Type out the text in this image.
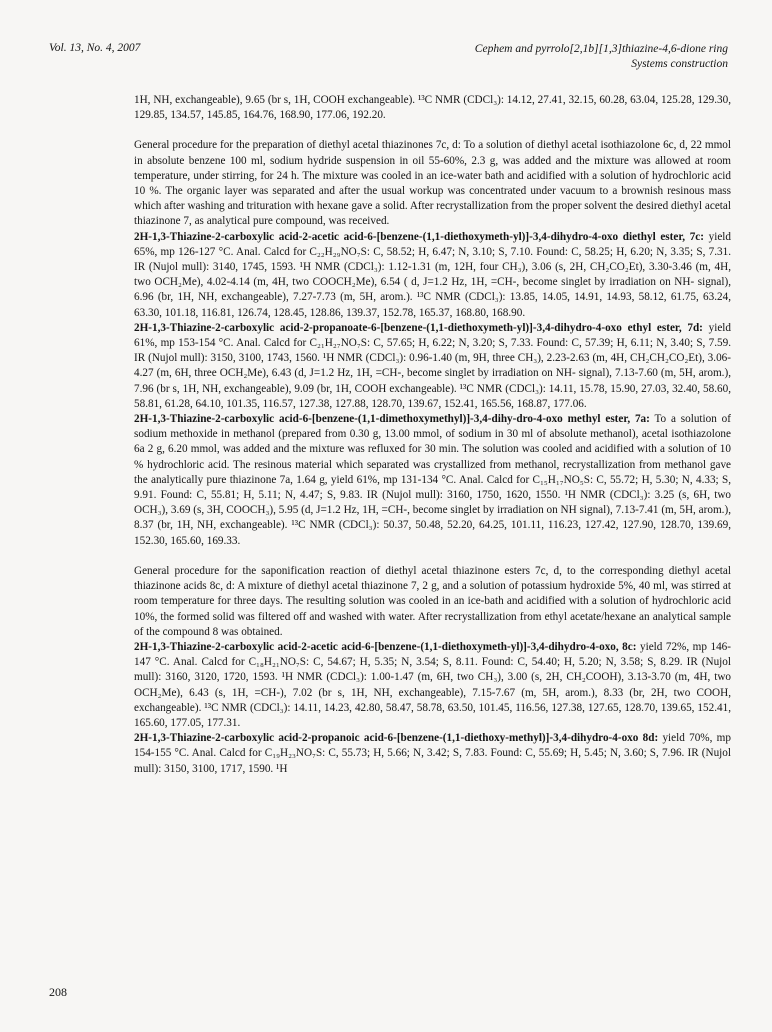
Vol. 13, No. 4, 2007	Cephem and pyrrolo[2,1b][1,3]thiazine-4,6-dione ring
Systems construction

1H, NH, exchangeable), 9.65 (br s, 1H, COOH exchangeable). ¹³C NMR (CDCl₃): 14.12, 27.41, 32.15, 60.28, 63.04, 125.28, 129.30, 129.85, 134.57, 145.85, 164.76, 168.90, 177.06, 192.20.

General procedure for the preparation of diethyl acetal thiazinones 7c, d: To a solution of diethyl acetal isothiazolone 6c, d, 22 mmol in absolute benzene 100 ml, sodium hydride suspension in oil 55-60%, 2.3 g, was added and the mixture was allowed at room temperature, under stirring, for 24 h. The mixture was cooled in an ice-water bath and acidified with a solution of hydrochloric acid 10 %. The organic layer was separated and after the usual workup was concentrated under vacuum to a brownish resinous mass which after washing and trituration with hexane gave a solid. After recrystallization from the proper solvent the desired diethyl acetal thiazinone 7, as analytical pure compound, was received.

2H-1,3-Thiazine-2-carboxylic acid-2-acetic acid-6-[benzene-(1,1-diethoxymeth-yl)]-3,4-dihydro-4-oxo diethyl ester, 7c: yield 65%, mp 126-127 °C. Anal. Calcd for C₂₂H₂₉NO₇S: C, 58.52; H, 6.47; N, 3.10; S, 7.10. Found: C, 58.25; H, 6.20; N, 3.35; S, 7.31. IR (Nujol mull): 3140, 1745, 1593. ¹H NMR (CDCl₃): 1.12-1.31 (m, 12H, four CH₃), 3.06 (s, 2H, CH₂CO₂Et), 3.30-3.46 (m, 4H, two OCH₂Me), 4.02-4.14 (m, 4H, two COOCH₂Me), 6.54 ( d, J=1.2 Hz, 1H, =CH-, become singlet by irradiation on NH- signal), 6.96 (br, 1H, NH, exchangeable), 7.27-7.73 (m, 5H, arom.). ¹³C NMR (CDCl₃): 13.85, 14.05, 14.91, 14.93, 58.12, 61.75, 63.24, 63.30, 101.18, 116.81, 126.74, 128.45, 128.86, 139.37, 152.78, 165.37, 168.80, 168.90.

2H-1,3-Thiazine-2-carboxylic acid-2-propanoate-6-[benzene-(1,1-diethoxymeth-yl)]-3,4-dihydro-4-oxo ethyl ester, 7d: yield 61%, mp 153-154 °C. Anal. Calcd for C₂₁H₂₇NO₇S: C, 57.65; H, 6.22; N, 3.20; S, 7.33. Found: C, 57.39; H, 6.11; N, 3.40; S, 7.59. IR (Nujol mull): 3150, 3100, 1743, 1560. ¹H NMR (CDCl₃): 0.96-1.40 (m, 9H, three CH₃), 2.23-2.63 (m, 4H, CH₂CH₂CO₂Et), 3.06-4.27 (m, 6H, three OCH₂Me), 6.43 (d, J=1.2 Hz, 1H, =CH-, become singlet by irradiation on NH- signal), 7.13-7.60 (m, 5H, arom.), 7.96 (br s, 1H, NH, exchangeable), 9.09 (br, 1H, COOH exchangeable). ¹³C NMR (CDCl₃): 14.11, 15.78, 15.90, 27.03, 32.40, 58.60, 58.81, 61.28, 64.10, 101.35, 116.57, 127.38, 127.88, 128.70, 139.67, 152.41, 165.56, 168.87, 177.06.

2H-1,3-Thiazine-2-carboxylic acid-6-[benzene-(1,1-dimethoxymethyl)]-3,4-dihy-dro-4-oxo methyl ester, 7a: To a solution of sodium methoxide in methanol (prepared from 0.30 g, 13.00 mmol, of sodium in 30 ml of absolute methanol), acetal isothiazolone 6a 2 g, 6.20 mmol, was added and the mixture was refluxed for 30 min. The solution was cooled and acidified with a solution of 10 % hydrochloric acid. The resinous material which separated was crystallized from methanol, recrystallization from methanol gave the analytically pure thiazinone 7a, 1.64 g, yield 61%, mp 131-134 °C. Anal. Calcd for C₁₅H₁₇NO₅S: C, 55.72; H, 5.30; N, 4.33; S, 9.91. Found: C, 55.81; H, 5.11; N, 4.47; S, 9.83. IR (Nujol mull): 3160, 1750, 1620, 1550. ¹H NMR (CDCl₃): 3.25 (s, 6H, two OCH₃), 3.69 (s, 3H, COOCH₃), 5.95 (d, J=1.2 Hz, 1H, =CH-, become singlet by irradiation on NH signal), 7.13-7.41 (m, 5H, arom.), 8.37 (br, 1H, NH, exchangeable). ¹³C NMR (CDCl₃): 50.37, 50.48, 52.20, 64.25, 101.11, 116.23, 127.42, 127.90, 128.70, 139.69, 152.30, 165.60, 169.33.

General procedure for the saponification reaction of diethyl acetal thiazinone esters 7c, d, to the corresponding diethyl acetal thiazinone acids 8c, d: A mixture of diethyl acetal thiazinone 7, 2 g, and a solution of potassium hydroxide 5%, 40 ml, was stirred at room temperature for three days. The resulting solution was cooled in an ice-bath and acidified with a solution of hydrochloric acid 10%, the formed solid was filtered off and washed with water. After recrystallization from ethyl acetate/hexane an analytical sample of the compound 8 was obtained.

2H-1,3-Thiazine-2-carboxylic acid-2-acetic acid-6-[benzene-(1,1-diethoxymeth-yl)]-3,4-dihydro-4-oxo, 8c: yield 72%, mp 146-147 °C. Anal. Calcd for C₁₈H₂₁NO₇S: C, 54.67; H, 5.35; N, 3.54; S, 8.11. Found: C, 54.40; H, 5.20; N, 3.58; S, 8.29. IR (Nujol mull): 3160, 3120, 1720, 1593. ¹H NMR (CDCl₃): 1.00-1.47 (m, 6H, two CH₃), 3.00 (s, 2H, CH₂COOH), 3.13-3.70 (m, 4H, two OCH₂Me), 6.43 (s, 1H, =CH-), 7.02 (br s, 1H, NH, exchangeable), 7.15-7.67 (m, 5H, arom.), 8.33 (br, 2H, two COOH, exchangeable). ¹³C NMR (CDCl₃): 14.11, 14.23, 42.80, 58.47, 58.78, 63.50, 101.45, 116.56, 127.38, 127.65, 128.70, 139.65, 152.41, 165.60, 177.05, 177.31.

2H-1,3-Thiazine-2-carboxylic acid-2-propanoic acid-6-[benzene-(1,1-diethoxy-methyl)]-3,4-dihydro-4-oxo 8d: yield 70%, mp 154-155 °C. Anal. Calcd for C₁₉H₂₃NO₇S: C, 55.73; H, 5.66; N, 3.42; S, 7.83. Found: C, 55.69; H, 5.45; N, 3.60; S, 7.96. IR (Nujol mull): 3150, 3100, 1717, 1590. ¹H

208
